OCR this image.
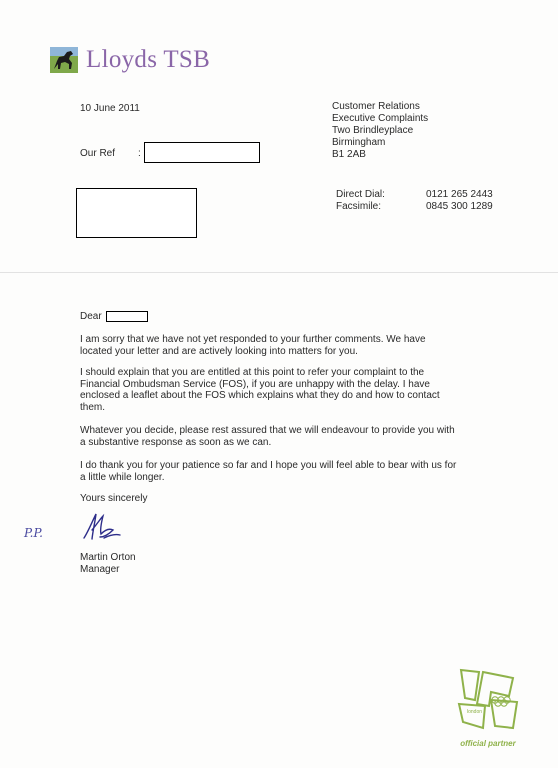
Lloyds TSB
10 June 2011
Our Ref :
Customer Relations
Executive Complaints
Two Brindleyplace
Birmingham
B1 2AB
Direct Dial:	0121 265 2443
Facsimile:	0845 300 1289
Dear
I am sorry that we have not yet responded to your further comments. We have located your letter and are actively looking into matters for you.
I should explain that you are entitled at this point to refer your complaint to the Financial Ombudsman Service (FOS), if you are unhappy with the delay. I have enclosed a leaflet about the FOS which explains what they do and how to contact them.
Whatever you decide, please rest assured that we will endeavour to provide you with a substantive response as soon as we can.
I do thank you for your patience so far and I hope you will feel able to bear with us for a little while longer.
Yours sincerely
P.P.
Martin Orton
Manager
london
official partner
